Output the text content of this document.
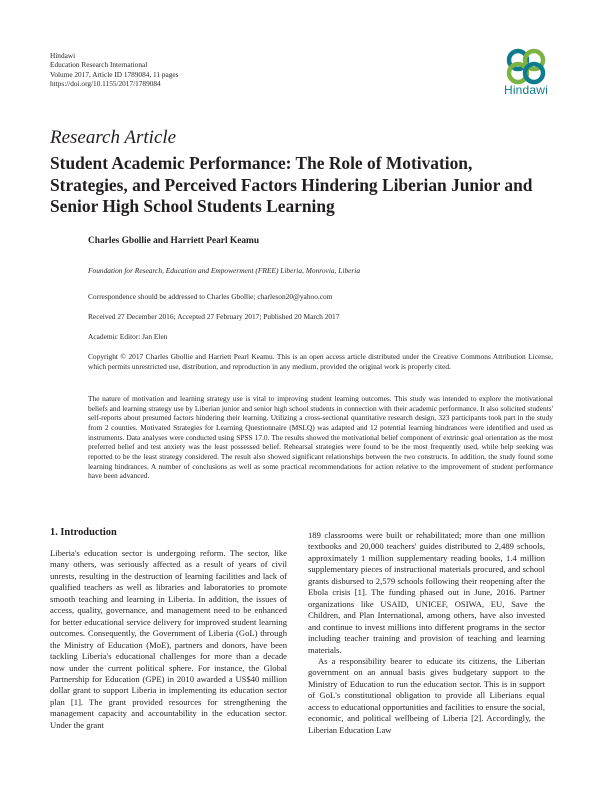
Hindawi
Education Research International
Volume 2017, Article ID 1789084, 11 pages
https://doi.org/10.1155/2017/1789084	Hindawi
Research Article
Student Academic Performance: The Role of Motivation, Strategies, and Perceived Factors Hindering Liberian Junior and Senior High School Students Learning
Charles Gbollie and Harriett Pearl Keamu
Foundation for Research, Education and Empowerment (FREE) Liberia, Monrovia, Liberia
Correspondence should be addressed to Charles Gbollie; charleson20@yahoo.com
Received 27 December 2016; Accepted 27 February 2017; Published 20 March 2017
Academic Editor: Jan Elen
Copyright © 2017 Charles Gbollie and Harriett Pearl Keamu. This is an open access article distributed under the Creative Commons Attribution License, which permits unrestricted use, distribution, and reproduction in any medium, provided the original work is properly cited.
The nature of motivation and learning strategy use is vital to improving student learning outcomes. This study was intended to explore the motivational beliefs and learning strategy use by Liberian junior and senior high school students in connection with their academic performance. It also solicited students' self-reports about presumed factors hindering their learning. Utilizing a cross-sectional quantitative research design, 323 participants took part in the study from 2 counties. Motivated Strategies for Learning Questionnaire (MSLQ) was adapted and 12 potential learning hindrances were identified and used as instruments. Data analyses were conducted using SPSS 17.0. The results showed the motivational belief component of extrinsic goal orientation as the most preferred belief and test anxiety was the least possessed belief. Rehearsal strategies were found to be the most frequently used, while help seeking was reported to be the least strategy considered. The result also showed significant relationships between the two constructs. In addition, the study found some learning hindrances. A number of conclusions as well as some practical recommendations for action relative to the improvement of student performance have been advanced.
1. Introduction

Liberia's education sector is undergoing reform. The sector, like many others, was seriously affected as a result of years of civil unrests, resulting in the destruction of learning facilities and lack of qualified teachers as well as libraries and laboratories to promote smooth teaching and learning in Liberia. In addition, the issues of access, quality, governance, and management need to be enhanced for better educational service delivery for improved student learning outcomes. Consequently, the Government of Liberia (GoL) through the Ministry of Education (MoE), partners and donors, have been tackling Liberia's educational challenges for more than a decade now under the current political sphere. For instance, the Global Partnership for Education (GPE) in 2010 awarded a US$40 million dollar grant to support Liberia in implementing its education sector plan [1]. The grant provided resources for strengthening the management capacity and accountability in the education sector. Under the grant

189 classrooms were built or rehabilitated; more than one million textbooks and 20,000 teachers' guides distributed to 2,489 schools, approximately 1 million supplementary reading books, 1.4 million supplementary pieces of instructional materials procured, and school grants disbursed to 2,579 schools following their reopening after the Ebola crisis [1]. The funding phased out in June, 2016. Partner organizations like USAID, UNICEF, OSIWA, EU, Save the Children, and Plan International, among others, have also invested and continue to invest millions into different programs in the sector including teacher training and provision of teaching and learning materials.

As a responsibility bearer to educate its citizens, the Liberian government on an annual basis gives budgetary support to the Ministry of Education to run the education sector. This is in support of GoL's constitutional obligation to provide all Liberians equal access to educational opportunities and facilities to ensure the social, economic, and political wellbeing of Liberia [2]. Accordingly, the Liberian Education Law
